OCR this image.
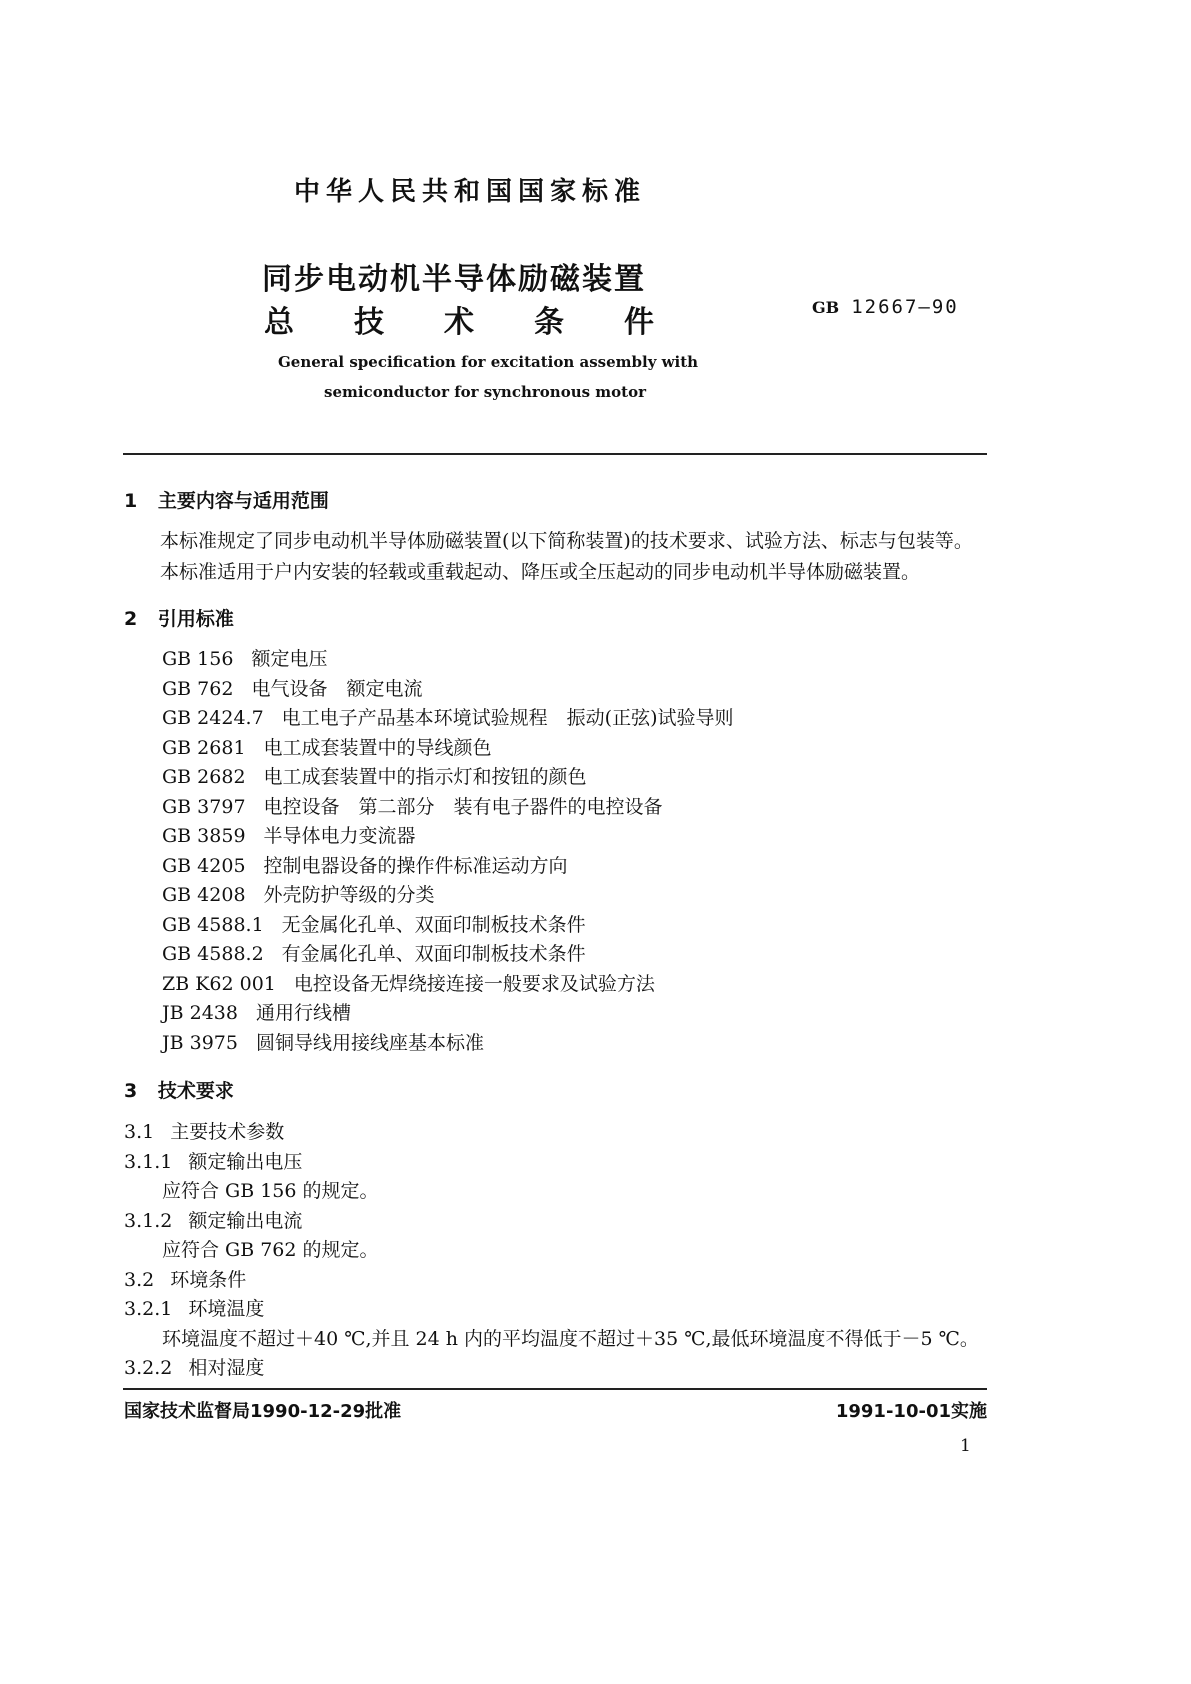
中华人民共和国国家标准
同步电动机半导体励磁装置
总 技 术 条 件	GB 12667—90
General specification for excitation assembly with
semiconductor for synchronous motor
1 主要内容与适用范围
本标准规定了同步电动机半导体励磁装置(以下简称装置)的技术要求、试验方法、标志与包装等。
本标准适用于户内安装的轻载或重载起动、降压或全压起动的同步电动机半导体励磁装置。
2 引用标准
GB 156 额定电压
GB 762 电气设备　额定电流
GB 2424.7 电工电子产品基本环境试验规程　振动(正弦)试验导则
GB 2681 电工成套装置中的导线颜色
GB 2682 电工成套装置中的指示灯和按钮的颜色
GB 3797 电控设备　第二部分　装有电子器件的电控设备
GB 3859 半导体电力变流器
GB 4205 控制电器设备的操作件标准运动方向
GB 4208 外壳防护等级的分类
GB 4588.1 无金属化孔单、双面印制板技术条件
GB 4588.2 有金属化孔单、双面印制板技术条件
ZB K62 001 电控设备无焊绕接连接一般要求及试验方法
JB 2438 通用行线槽
JB 3975 圆铜导线用接线座基本标准
3 技术要求
3.1 主要技术参数
3.1.1 额定输出电压
应符合 GB 156 的规定。
3.1.2 额定输出电流
应符合 GB 762 的规定。
3.2 环境条件
3.2.1 环境温度
环境温度不超过＋40 ℃,并且 24 h 内的平均温度不超过＋35 ℃,最低环境温度不得低于－5 ℃。
3.2.2 相对湿度
国家技术监督局1990-12-29批准	1991-10-01实施
1
